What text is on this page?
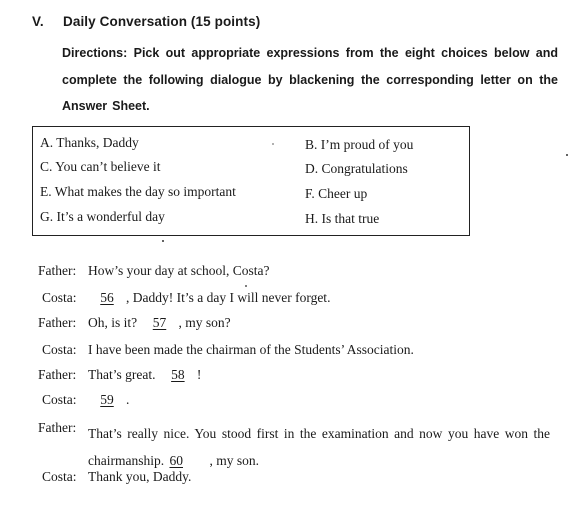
V. Daily Conversation (15 points)
Directions: Pick out appropriate expressions from the eight choices below and complete the following dialogue by blackening the corresponding letter on the Answer Sheet.
A. Thanks, Daddy	B. I’m proud of you
C. You can’t believe it	D. Congratulations
E. What makes the day so important	F. Cheer up
G. It’s a wonderful day	H. Is that true
Father: How’s your day at school, Costa?
Costa:	56 , Daddy! It’s a day I will never forget.
Father: Oh, is it? 57 , my son?
Costa: I have been made the chairman of the Students’ Association.
Father: That’s great. 58 !
Costa:	59 .
Father: That’s really nice. You stood first in the examination and now you have won the chairmanship. 60 , my son.
Costa: Thank you, Daddy.
